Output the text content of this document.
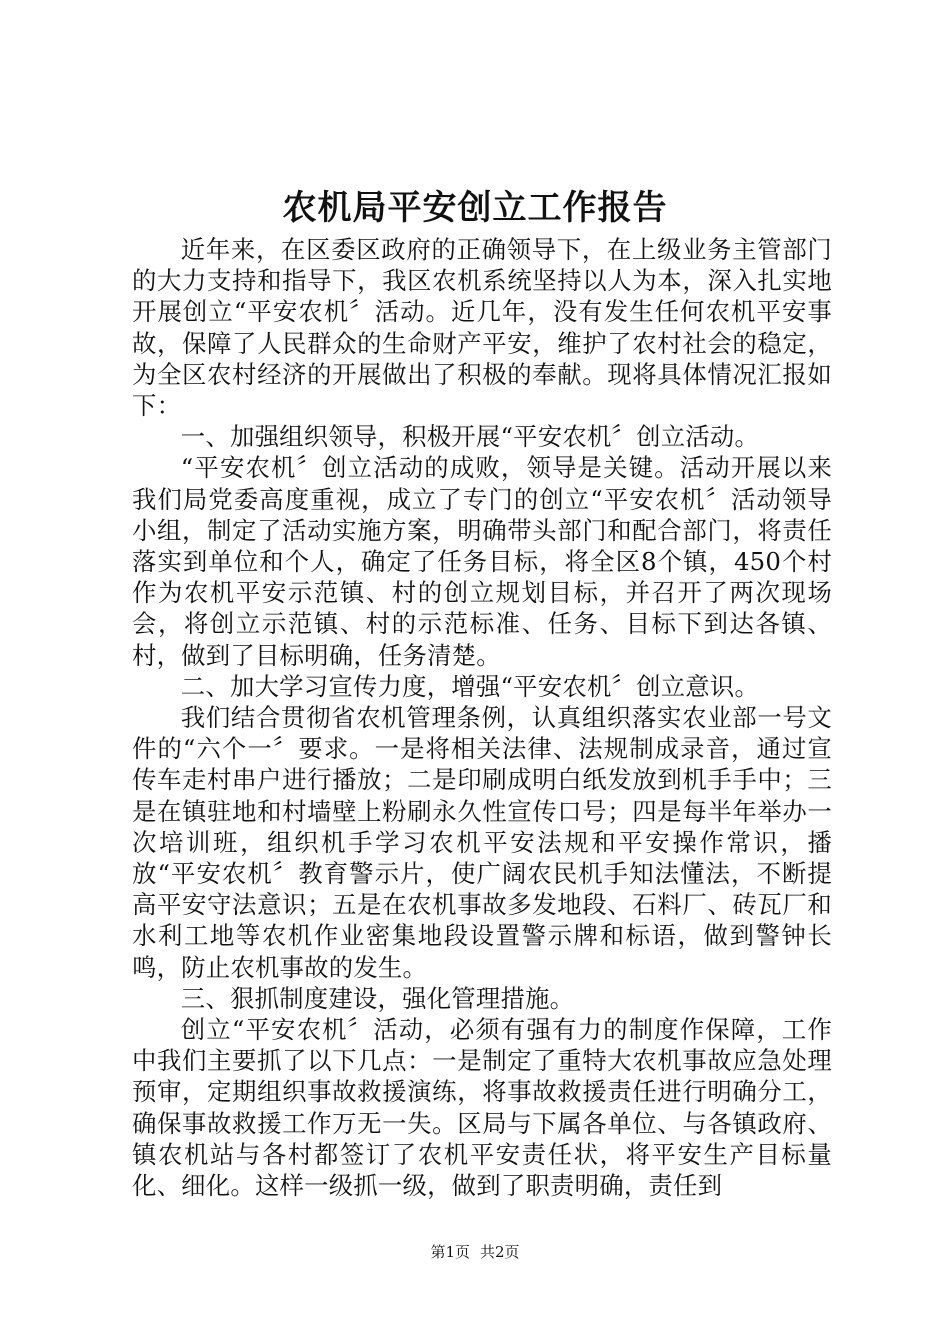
农机局平安创立工作报告

近年来，在区委区政府的正确领导下，在上级业务主管部门的大力支持和指导下，我区农机系统坚持以人为本，深入扎实地开展创立“平安农机〞活动。近几年，没有发生任何农机平安事故，保障了人民群众的生命财产平安，维护了农村社会的稳定，为全区农村经济的开展做出了积极的奉献。现将具体情况汇报如下：

一、加强组织领导，积极开展“平安农机〞创立活动。

“平安农机〞创立活动的成败，领导是关键。活动开展以来我们局党委高度重视，成立了专门的创立“平安农机〞活动领导小组，制定了活动实施方案，明确带头部门和配合部门，将责任落实到单位和个人，确定了任务目标，将全区8个镇，450个村作为农机平安示范镇、村的创立规划目标，并召开了两次现场会，将创立示范镇、村的示范标准、任务、目标下到达各镇、村，做到了目标明确，任务清楚。

二、加大学习宣传力度，增强“平安农机〞创立意识。

我们结合贯彻省农机管理条例，认真组织落实农业部一号文件的“六个一〞要求。一是将相关法律、法规制成录音，通过宣传车走村串户进行播放；二是印刷成明白纸发放到机手手中；三是在镇驻地和村墙壁上粉刷永久性宣传口号；四是每半年举办一次培训班，组织机手学习农机平安法规和平安操作常识，播放“平安农机〞教育警示片，使广阔农民机手知法懂法，不断提高平安守法意识；五是在农机事故多发地段、石料厂、砖瓦厂和水利工地等农机作业密集地段设置警示牌和标语，做到警钟长鸣，防止农机事故的发生。

三、狠抓制度建设，强化管理措施。

创立“平安农机〞活动，必须有强有力的制度作保障，工作中我们主要抓了以下几点：一是制定了重特大农机事故应急处理预审，定期组织事故救援演练，将事故救援责任进行明确分工，确保事故救援工作万无一失。区局与下属各单位、与各镇政府、镇农机站与各村都签订了农机平安责任状，将平安生产目标量化、细化。这样一级抓一级，做到了职责明确，责任到

第1页 共2页
